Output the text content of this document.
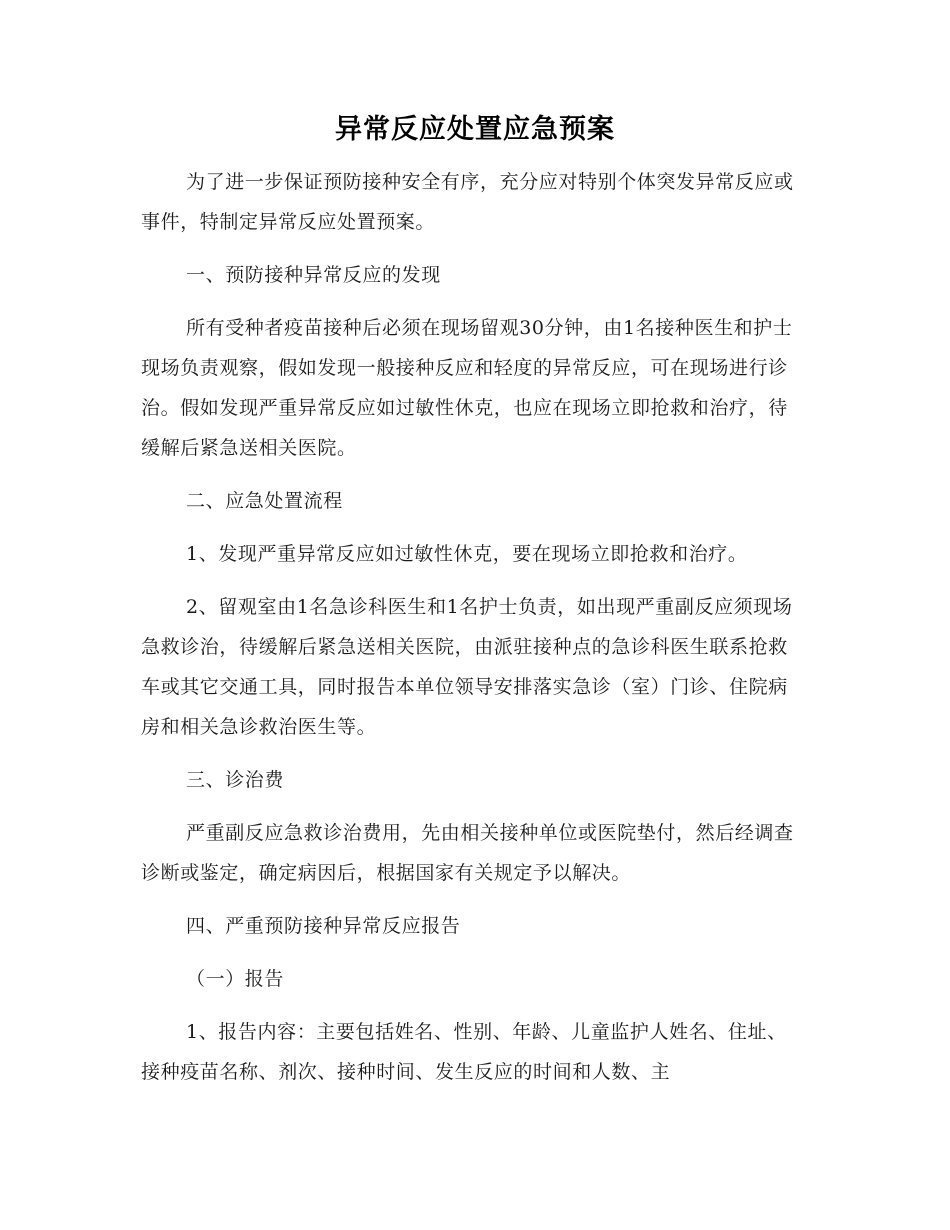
异常反应处置应急预案

为了进一步保证预防接种安全有序，充分应对特别个体突发异常反应或事件，特制定异常反应处置预案。

一、预防接种异常反应的发现

所有受种者疫苗接种后必须在现场留观30分钟，由1名接种医生和护士现场负责观察，假如发现一般接种反应和轻度的异常反应，可在现场进行诊治。假如发现严重异常反应如过敏性休克，也应在现场立即抢救和治疗，待缓解后紧急送相关医院。

二、应急处置流程

1、发现严重异常反应如过敏性休克，要在现场立即抢救和治疗。

2、留观室由1名急诊科医生和1名护士负责，如出现严重副反应须现场急救诊治，待缓解后紧急送相关医院，由派驻接种点的急诊科医生联系抢救车或其它交通工具，同时报告本单位领导安排落实急诊（室）门诊、住院病房和相关急诊救治医生等。

三、诊治费

严重副反应急救诊治费用，先由相关接种单位或医院垫付，然后经调查诊断或鉴定，确定病因后，根据国家有关规定予以解决。

四、严重预防接种异常反应报告

（一）报告

1、报告内容：主要包括姓名、性别、年龄、儿童监护人姓名、住址、接种疫苗名称、剂次、接种时间、发生反应的时间和人数、主
